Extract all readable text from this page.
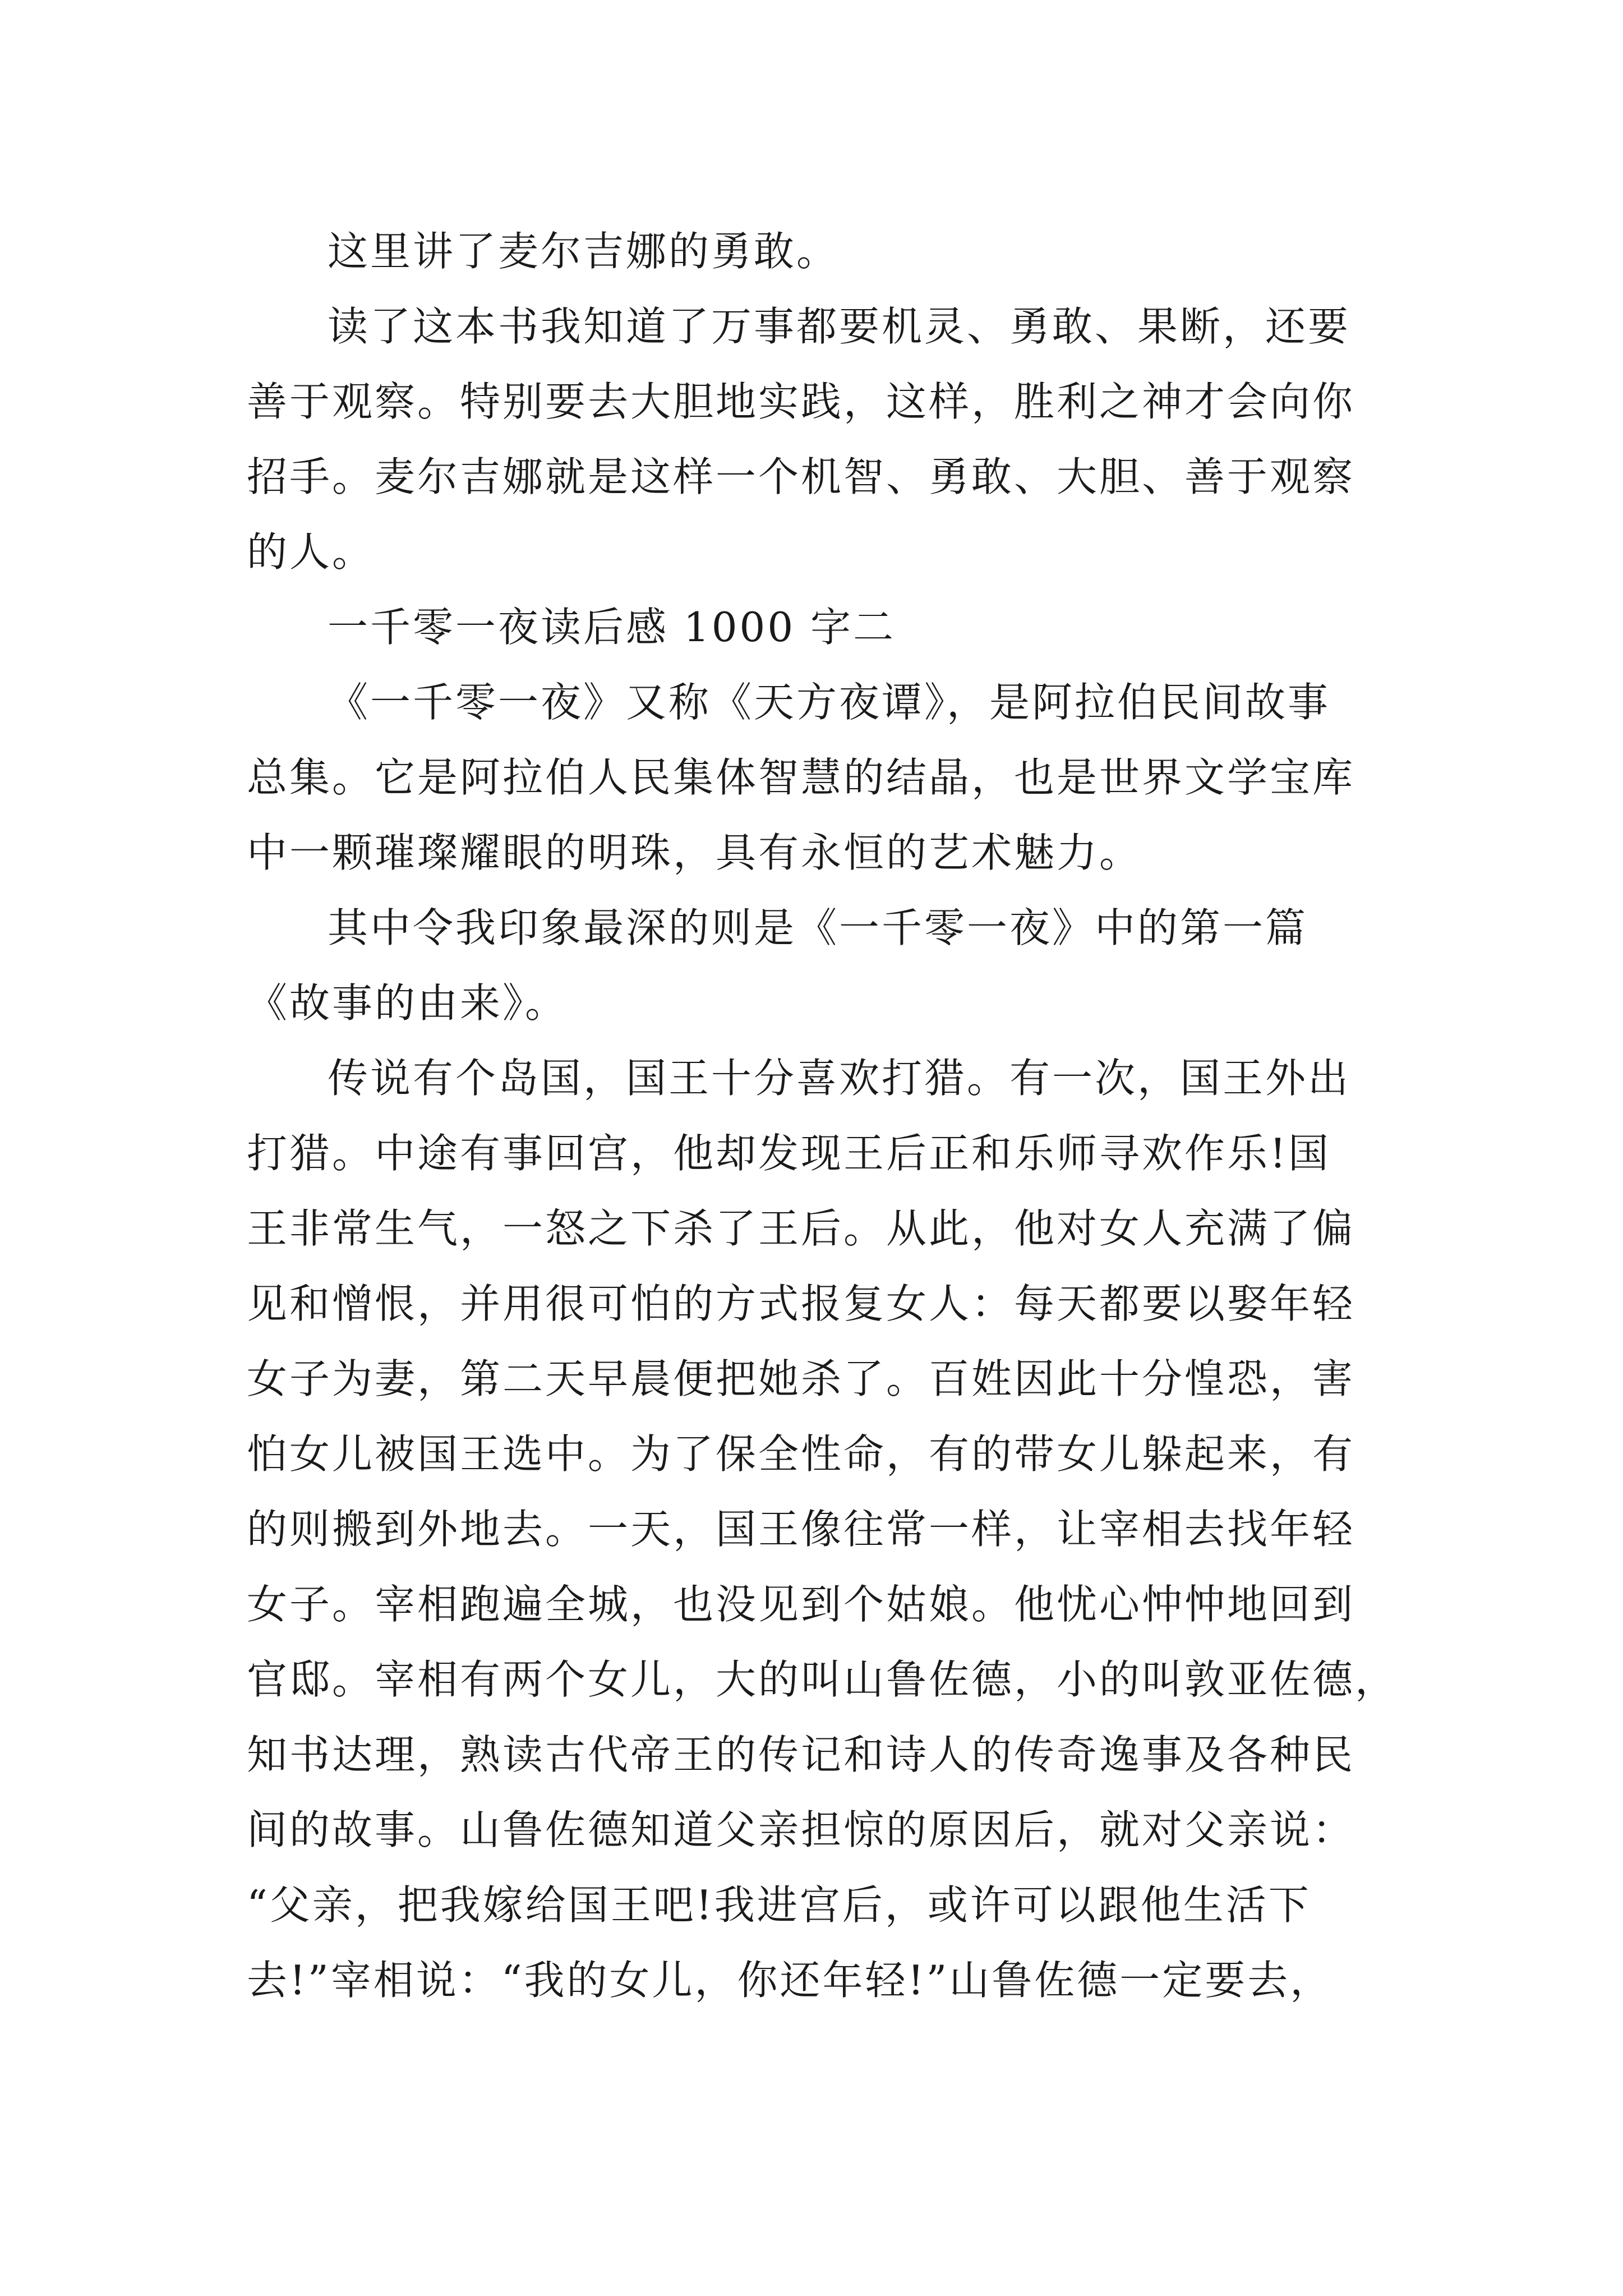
这里讲了麦尔吉娜的勇敢。
读了这本书我知道了万事都要机灵、勇敢、果断，还要
善于观察。特别要去大胆地实践，这样，胜利之神才会向你
招手。麦尔吉娜就是这样一个机智、勇敢、大胆、善于观察
的人。
一千零一夜读后感 1000 字二
《一千零一夜》又称《天方夜谭》，是阿拉伯民间故事
总集。它是阿拉伯人民集体智慧的结晶，也是世界文学宝库
中一颗璀璨耀眼的明珠，具有永恒的艺术魅力。
其中令我印象最深的则是《一千零一夜》中的第一篇
《故事的由来》。
传说有个岛国，国王十分喜欢打猎。有一次，国王外出
打猎。中途有事回宫，他却发现王后正和乐师寻欢作乐!国
王非常生气，一怒之下杀了王后。从此，他对女人充满了偏
见和憎恨，并用很可怕的方式报复女人：每天都要以娶年轻
女子为妻，第二天早晨便把她杀了。百姓因此十分惶恐，害
怕女儿被国王选中。为了保全性命，有的带女儿躲起来，有
的则搬到外地去。一天，国王像往常一样，让宰相去找年轻
女子。宰相跑遍全城，也没见到个姑娘。他忧心忡忡地回到
官邸。宰相有两个女儿，大的叫山鲁佐德，小的叫敦亚佐德，
知书达理，熟读古代帝王的传记和诗人的传奇逸事及各种民
间的故事。山鲁佐德知道父亲担惊的原因后，就对父亲说：
“父亲，把我嫁给国王吧!我进宫后，或许可以跟他生活下
去!”宰相说：“我的女儿，你还年轻!”山鲁佐德一定要去，
